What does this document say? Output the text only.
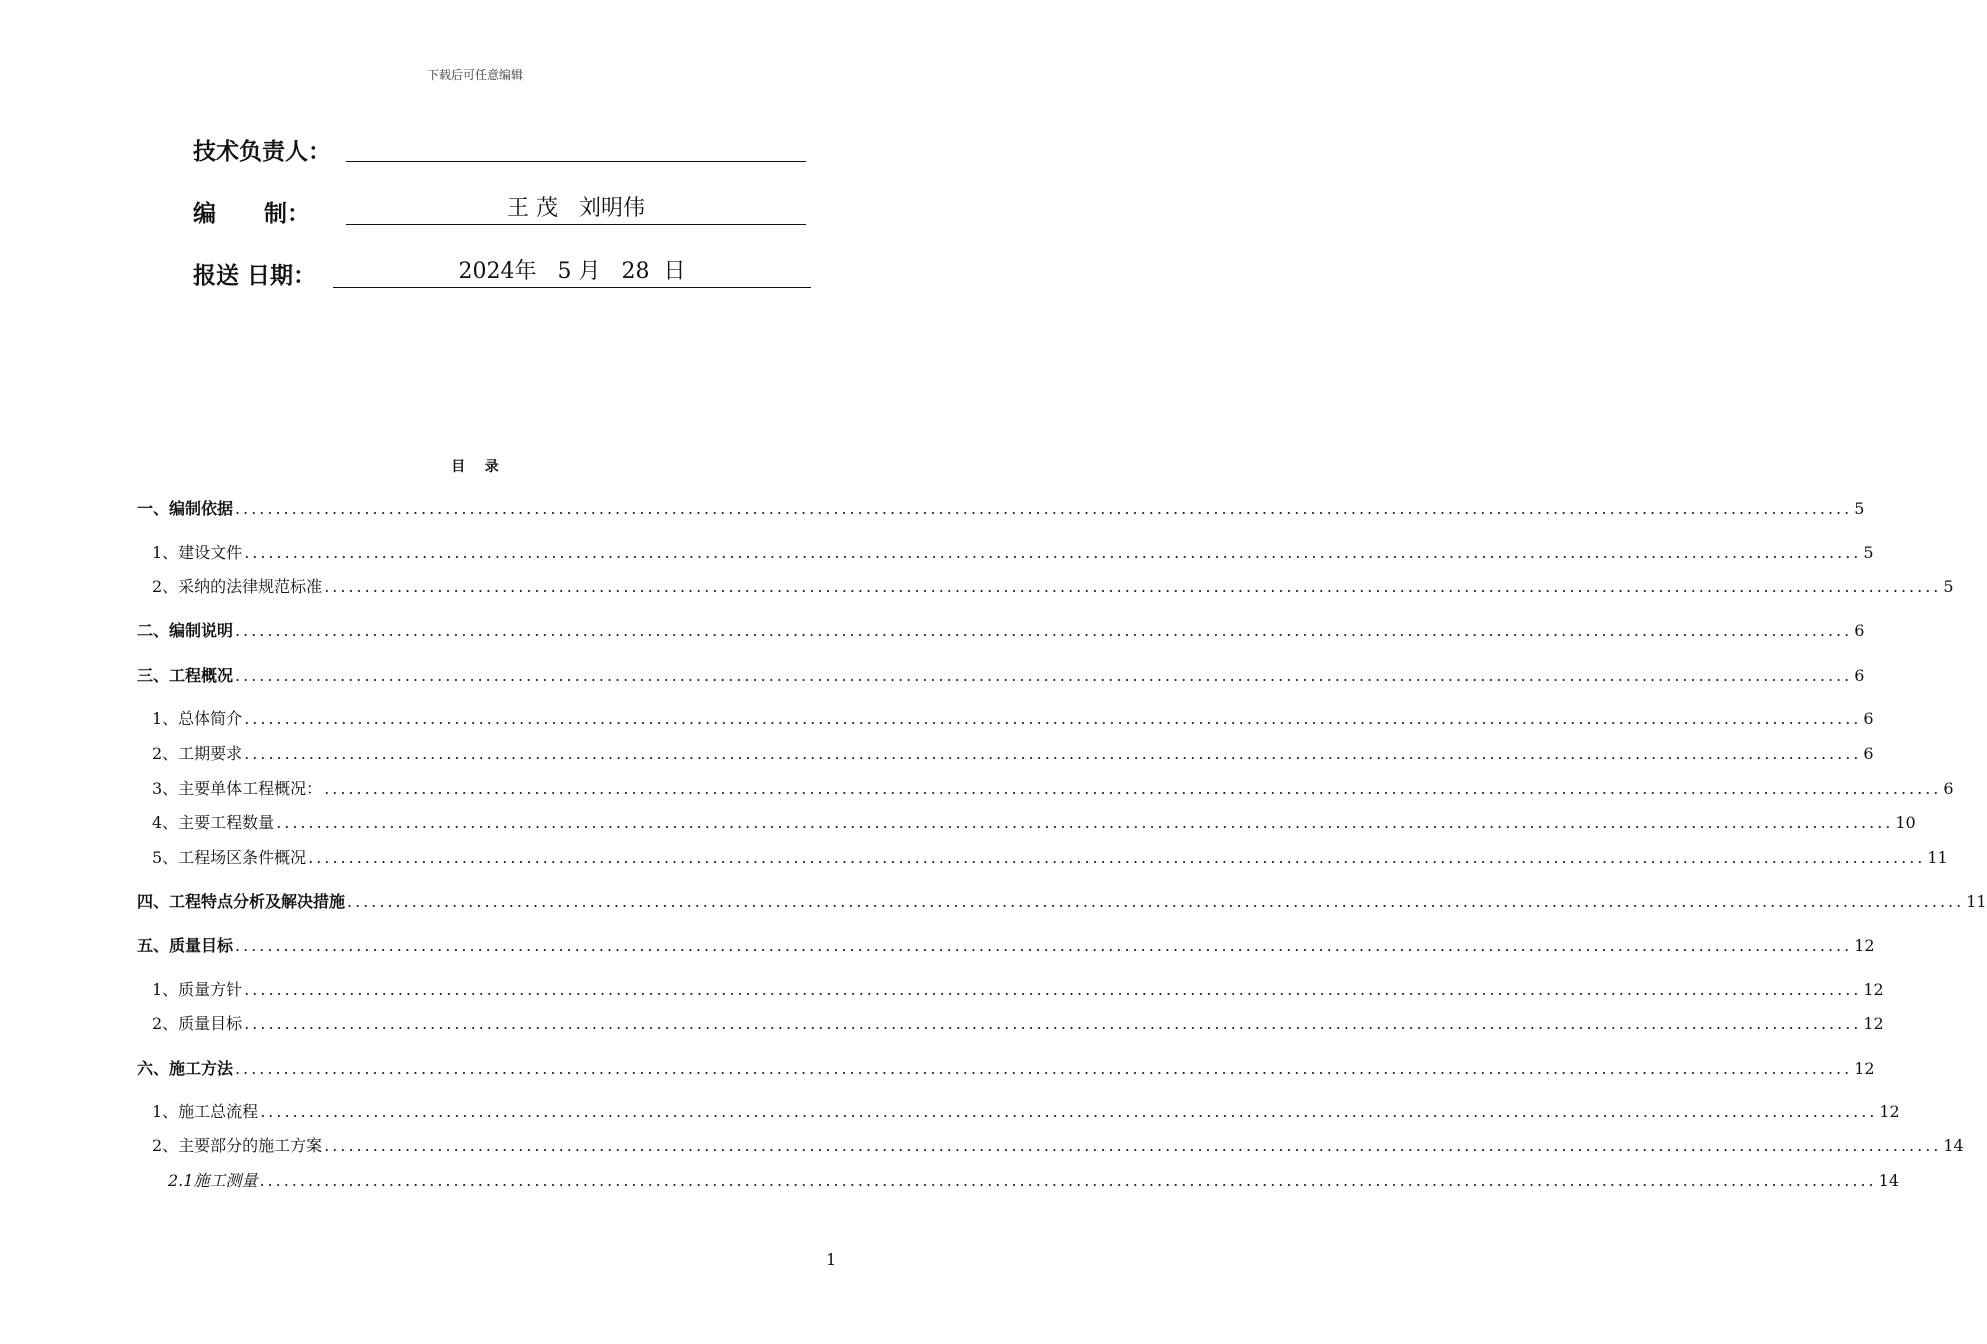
下载后可任意编辑
技术负责人：
编      制：	王 茂   刘明伟
报送 日期：	2024年   5 月   28  日
目    录
一、编制依据 ........................................................................................................................................................................................................ 5
1、建设文件 ........................................................................................................................................................................................................ 5
2、采纳的法律规范标准 ........................................................................................................................................................................................................ 5
二、编制说明 ........................................................................................................................................................................................................ 6
三、工程概况 ........................................................................................................................................................................................................ 6
1、总体简介 ........................................................................................................................................................................................................ 6
2、工期要求 ........................................................................................................................................................................................................ 6
3、主要单体工程概况： ........................................................................................................................................................................................................ 6
4、主要工程数量 ........................................................................................................................................................................................................ 10
5、工程场区条件概况 ........................................................................................................................................................................................................ 11
四、工程特点分析及解决措施 ........................................................................................................................................................................................................ 11
五、质量目标 ........................................................................................................................................................................................................ 12
1、质量方针 ........................................................................................................................................................................................................ 12
2、质量目标 ........................................................................................................................................................................................................ 12
六、施工方法 ........................................................................................................................................................................................................ 12
1、施工总流程 ........................................................................................................................................................................................................ 12
2、主要部分的施工方案 ........................................................................................................................................................................................................ 14
2.1施工测量 ........................................................................................................................................................................................................ 14
1
